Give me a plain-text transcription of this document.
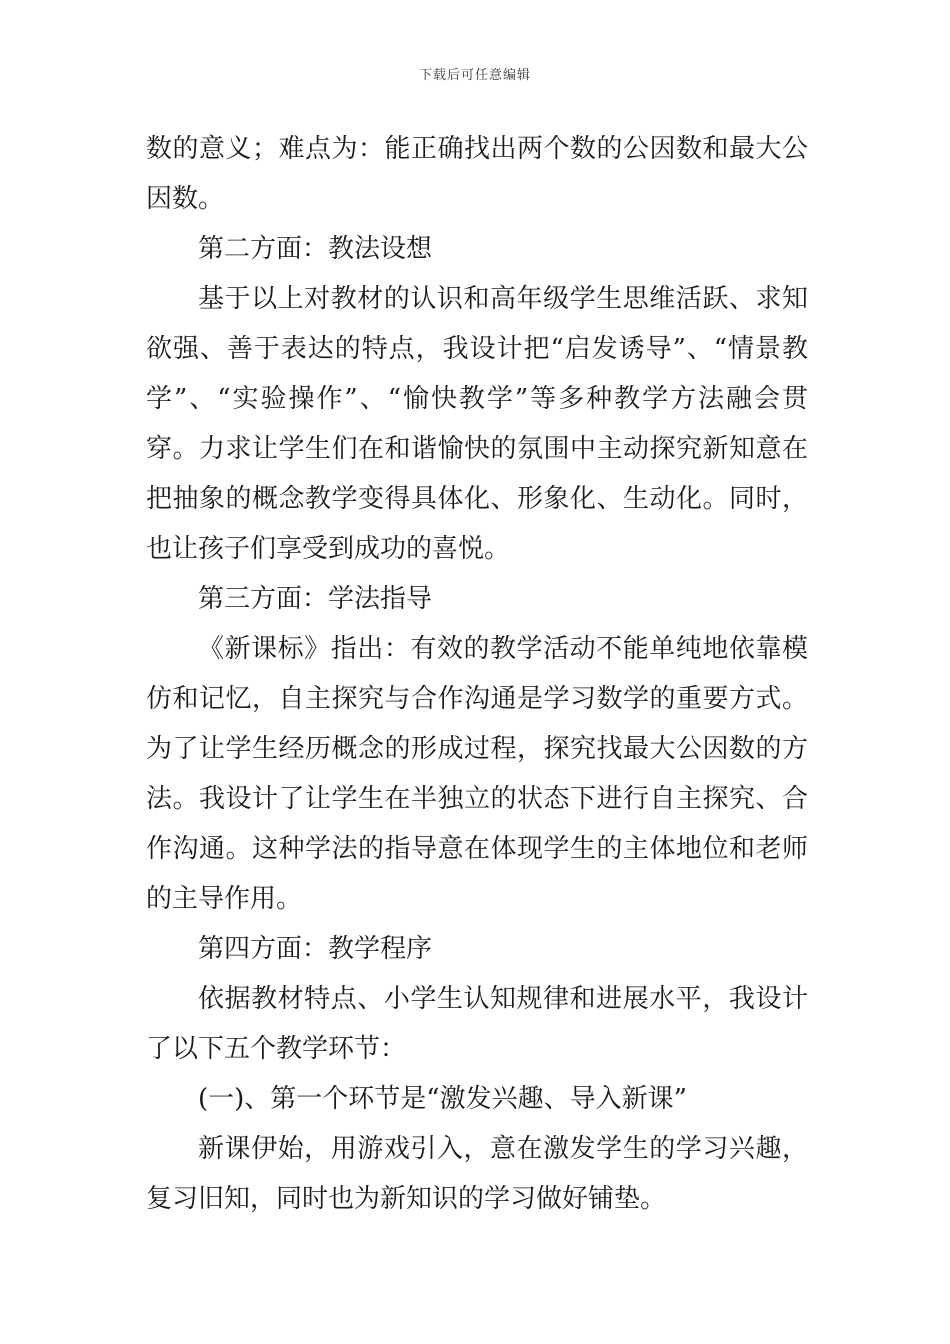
下载后可任意编辑

数的意义；难点为：能正确找出两个数的公因数和最大公因数。

第二方面：教法设想

基于以上对教材的认识和高年级学生思维活跃、求知欲强、善于表达的特点，我设计把“启发诱导”、“情景教学”、“实验操作”、“愉快教学”等多种教学方法融会贯穿。力求让学生们在和谐愉快的氛围中主动探究新知意在把抽象的概念教学变得具体化、形象化、生动化。同时，也让孩子们享受到成功的喜悦。

第三方面：学法指导

《新课标》指出：有效的教学活动不能单纯地依靠模仿和记忆，自主探究与合作沟通是学习数学的重要方式。为了让学生经历概念的形成过程，探究找最大公因数的方法。我设计了让学生在半独立的状态下进行自主探究、合作沟通。这种学法的指导意在体现学生的主体地位和老师的主导作用。

第四方面：教学程序

依据教材特点、小学生认知规律和进展水平，我设计了以下五个教学环节：

(一)、第一个环节是“激发兴趣、导入新课”

新课伊始，用游戏引入，意在激发学生的学习兴趣，复习旧知，同时也为新知识的学习做好铺垫。
